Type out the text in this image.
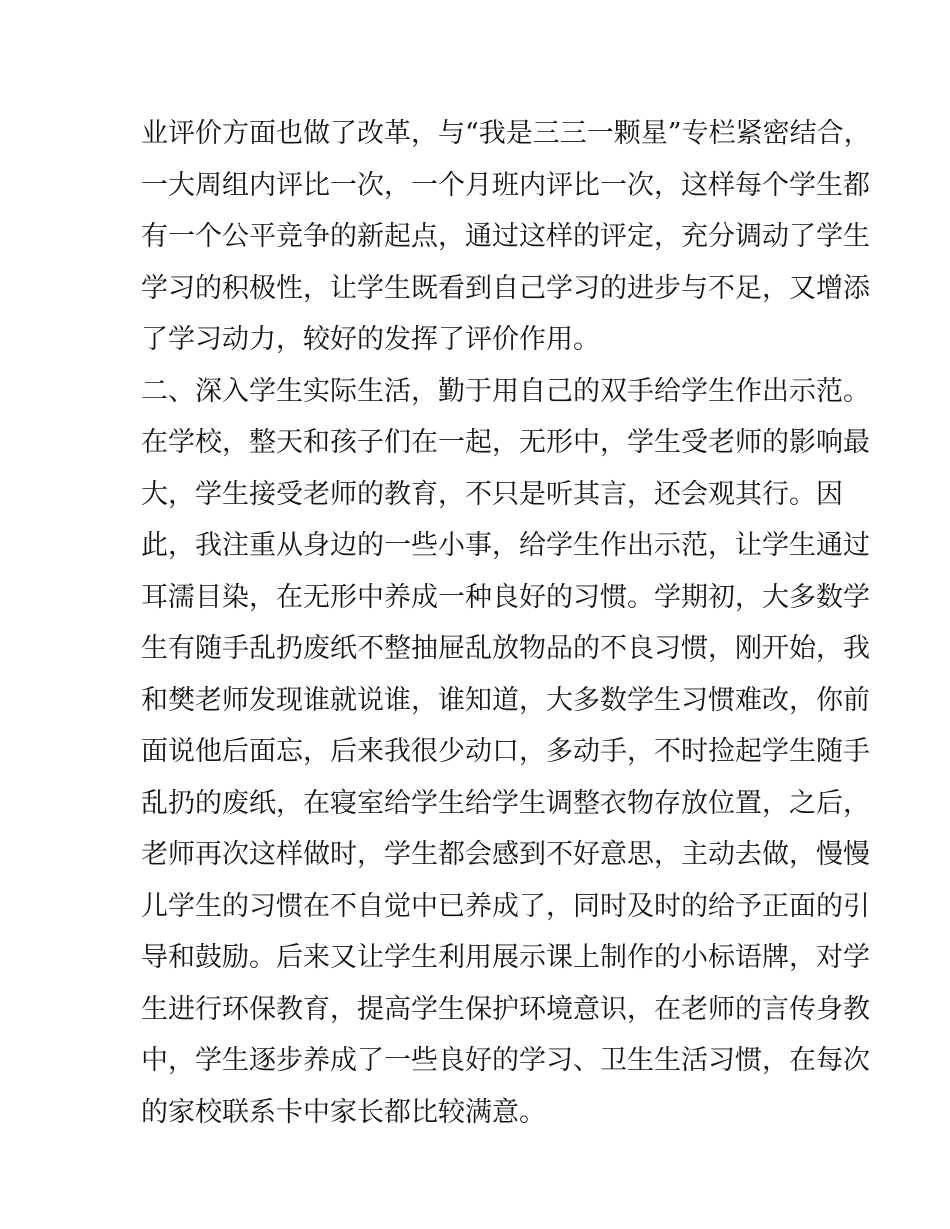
业评价方面也做了改革，与“我是三三一颗星”专栏紧密结合，
一大周组内评比一次，一个月班内评比一次，这样每个学生都
有一个公平竞争的新起点，通过这样的评定，充分调动了学生
学习的积极性，让学生既看到自己学习的进步与不足，又增添
了学习动力，较好的发挥了评价作用。
二、深入学生实际生活，勤于用自己的双手给学生作出示范。
在学校，整天和孩子们在一起，无形中，学生受老师的影响最
大，学生接受老师的教育，不只是听其言，还会观其行。因
此，我注重从身边的一些小事，给学生作出示范，让学生通过
耳濡目染，在无形中养成一种良好的习惯。学期初，大多数学
生有随手乱扔废纸不整抽屉乱放物品的不良习惯，刚开始，我
和樊老师发现谁就说谁，谁知道，大多数学生习惯难改，你前
面说他后面忘，后来我很少动口，多动手，不时捡起学生随手
乱扔的废纸，在寝室给学生给学生调整衣物存放位置，之后，
老师再次这样做时，学生都会感到不好意思，主动去做，慢慢
儿学生的习惯在不自觉中已养成了，同时及时的给予正面的引
导和鼓励。后来又让学生利用展示课上制作的小标语牌，对学
生进行环保教育，提高学生保护环境意识，在老师的言传身教
中，学生逐步养成了一些良好的学习、卫生生活习惯，在每次
的家校联系卡中家长都比较满意。
